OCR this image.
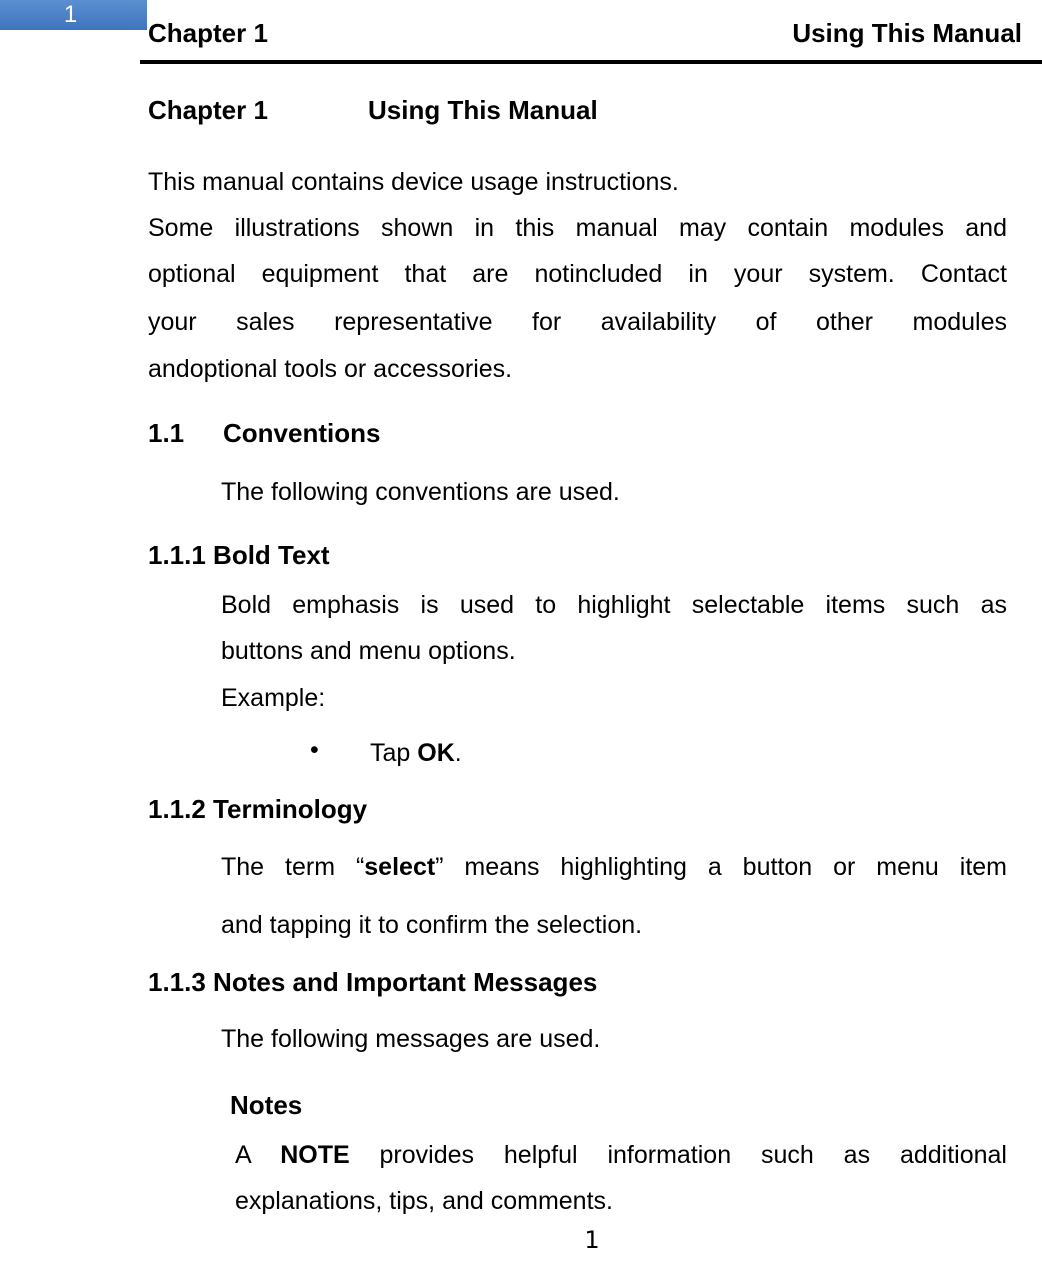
1
Chapter 1	Using This Manual
Chapter 1	Using This Manual
This manual contains device usage instructions.
Some illustrations shown in this manual may contain modules and
optional equipment that are notincluded in your system. Contact
your sales representative for availability of other modules
andoptional tools or accessories.
1.1 Conventions
The following conventions are used.
1.1.1 Bold Text
Bold emphasis is used to highlight selectable items such as
buttons and menu options.
Example:
• Tap OK.
1.1.2 Terminology
The term “select” means highlighting a button or menu item
and tapping it to confirm the selection.
1.1.3 Notes and Important Messages
The following messages are used.
Notes
A NOTE provides helpful information such as additional
explanations, tips, and comments.
1
